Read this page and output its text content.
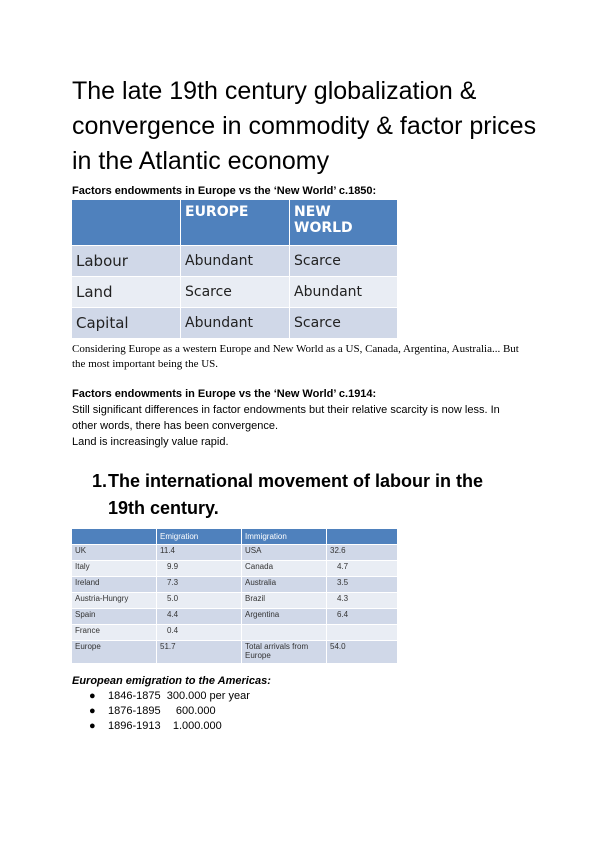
The late 19th century globalization & convergence in commodity & factor prices in the Atlantic economy

Factors endowments in Europe vs the ‘New World’ c.1850:

	EUROPE	NEW WORLD
Labour	Abundant	Scarce
Land	Scarce	Abundant
Capital	Abundant	Scarce

Considering Europe as a western Europe and New World as a US, Canada, Argentina, Australia... But the most important being the US.

Factors endowments in Europe vs the ‘New World’ c.1914:

Still significant differences in factor endowments but their relative scarcity is now less. In other words, there has been convergence.
Land is increasingly value rapid.

1. The international movement of labour in the 19th century.
	Emigration	Immigration	
UK	11.4	USA	32.6
Italy	9.9	Canada	4.7
Ireland	7.3	Australia	3.5
Austria-Hungry	5.0	Brazil	4.3
Spain	4.4	Argentina	6.4
France	0.4		
Europe	51.7	Total arrivals from Europe	54.0

European emigration to the Americas:

● 1846-1875  300.000 per year
● 1876-1895     600.000
● 1896-1913    1.000.000
